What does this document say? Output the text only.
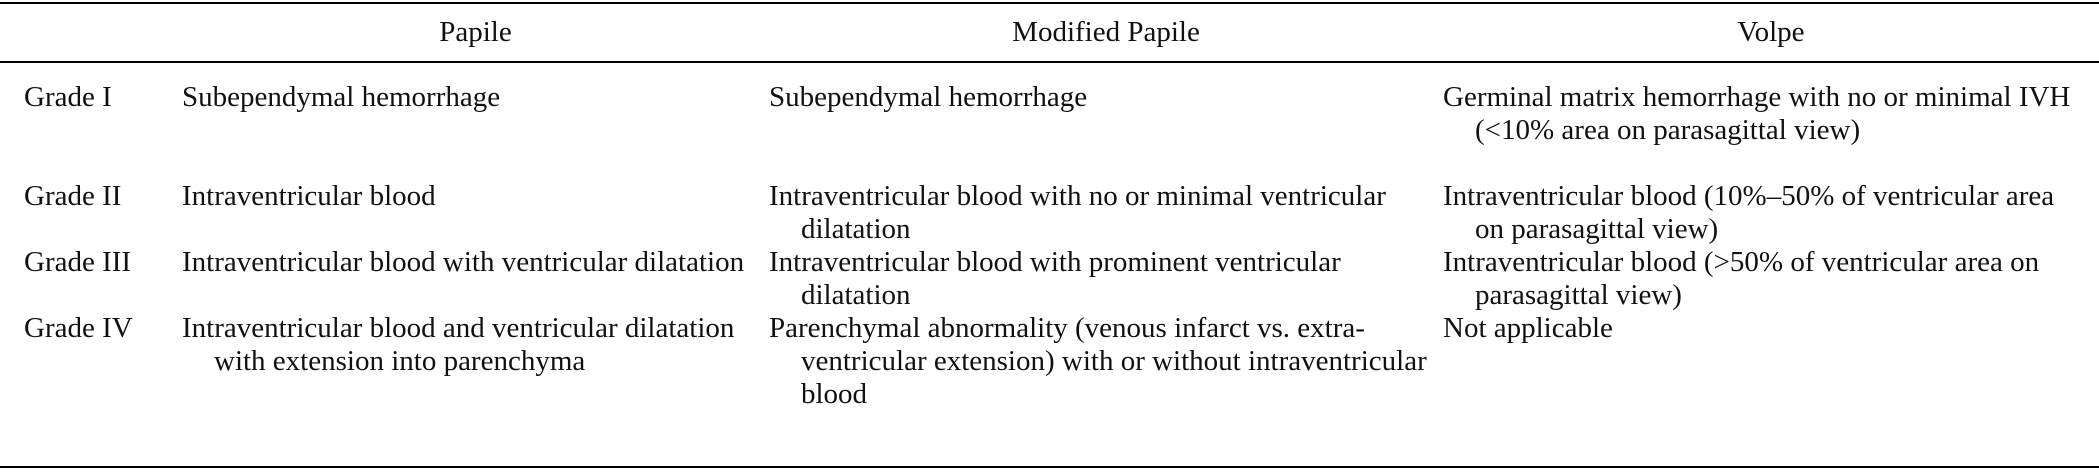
	Papile	Modified Papile	Volpe
Grade I	Subependymal hemorrhage	Subependymal hemorrhage	Germinal matrix hemorrhage with no or minimal IVH (<10% area on parasagittal view)

Grade II	Intraventricular blood	Intraventricular blood with no or minimal ventricular dilatation	Intraventricular blood (10%–50% of ventricular area on parasagittal view)

Grade III	Intraventricular blood with ventricular dilatation	Intraventricular blood with prominent ventricular dilatation	Intraventricular blood (>50% of ventricular area on parasagittal view)

Grade IV	Intraventricular blood and ventricular dilatation with extension into parenchyma	Parenchymal abnormality (venous infarct vs. extra-ventricular extension) with or without intraventricular blood	Not applicable
